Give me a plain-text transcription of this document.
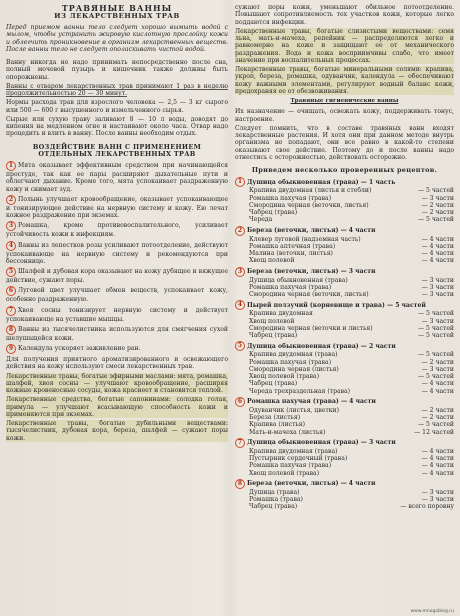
ТРАВЯНЫЕ ВАННЫ
ИЗ ЛЕКАРСТВЕННЫХ ТРАВ

Перед приемом ванны тело следует хорошо вымыть водой с мылом, чтобы устранить жировую кислотную прослойку кожи и облегчить проникновение в организм лекарственных веществ. После ванны тело не следует ополаскивать чистой водой.

Ванну никогда не надо принимать непосредственно после сна, полный мочевой пузырь и кишечник также должны быть опорожнены.

Ванны с отваром лекарственных трав принимают 1 раз в неделю продолжительностью 20 — 30 минут.

Нормы расхода трав для взрослого человека — 2,5 — 3 кг сырого или 500 — 600 г высушенного и измельченного сырья.

Сырые или сухую траву заливают 8 — 10 л воды, доводят до кипения на медленном огне и настаивают около часа. Отвар надо процедить и влить в ванну. После ванны необходим отдых.

ВОЗДЕЙСТВИЕ ВАНН С ПРИМЕНЕНИЕМ ОТДЕЛЬНЫХ ЛЕКАРСТВЕННЫХ ТРАВ

1 Мята оказывает эффективным средством при начинающейся простуде, так как ее пары расширяют дыхательные пути и облегчают дыхание. Кроме того, мята успокаивает раздраженную кожу и снимает зуд.

2 Полынь улучшает кровообращение, оказывает успокаивающее и тонизирующее действие на нервную систему и кожу. Ею лечат кожное раздражение при экземах.

3 Ромашка, кроме противовоспалительного, усиливает устойчивость кожи к инфекциям.

4 Ванны из лепестков розы усиливают потоотделение, действуют успокаивающе на нервную систему и рекомендуются при бессоннице.

5 Шалфей и дубовая кора оказывают на кожу дубящее и вяжущее действие, сужают поры.

6 Луговой цвет улучшает обмен веществ, успокаивает кожу, особенно раздраженную.

7 Хвоя сосны тонизирует нервную систему и действует успокаивающе на уставшие мышцы.

8 Ванны из тысячелистника используются для смягчения сухой шелушащейся кожи.

9 Календула ускоряет заживление ран.

Для получения приятного ароматизированного и освежающего действия на кожу используют смеси лекарственных трав.

Лекарственные травы, богатые эфирными маслами: мята, ромашка, шалфей, хвоя сосны — улучшают кровообращение, расширяя кожные кровеносные сосуды, кожа краснеет и становится теплой.

Лекарственные средства, богатые сапонинами: солодка голая, примула — улучшают всасывающую способность кожи и применяются при экземах.

Лекарственные травы, богатые дубильными веществами: тысячелистник, дубовая кора, береза, шалфей — сужают поры кожи.

сужают поры кожи, уменьшают обильное потоотделение. Повышают сопротивляемость тех участков кожи, которые легко поддаются инфекции.

Лекарственные травы, богатые слизистыми веществами: семя льна, мать-и-мачеха, репейник — распределяются легко и равномерно на коже и защищают ее от механического раздражения. Вода и кожа восприимчивы слабо, что имеет значение при воспалительных процессах.

Лекарственные травы, богатые минеральными солями: крапива, укроп, береза, ромашка, одуванчик, календула — обеспечивают кожу важными элементами, регулируют водный баланс кожи, предохраняя ее от обезвоживания.

Травяные гигиенические ванны

Их назначение — очищать, освежать кожу, поддерживать тонус, настроение.

Следует помнить, что в составе травяных ванн входят лекарственные растения. И хотя они при данном методе внутрь организма не попадают, они все равно в какой-то степени оказывают свое действие. Поэтому до и после ванны надо отнестись с осторожностью, действовать осторожно.

Приведем несколько проверенных рецептов.
1 Душица обыкновенная (трава) — 1 часть
Крапива двудомная (листья и стебли)	— 5 частей
Ромашка пахучая (трава)	— 3 части
Смородина черная (веточки, листья)	— 2 части
Чабрец (трава)	— 2 части
Череда	— 5 частей
2 Береза (веточки, листья) — 4 части
Клевер луговой (надземная часть)	— 4 части
Ромашка аптечная (трава)	— 4 части
Малина (веточки, листья)	— 4 части
Хвощ полевой	— 4 части
3 Береза (веточки, листья) — 3 части
Душица обыкновенная (трава)	— 3 части
Ромашка пахучая (трава)	— 3 части
Смородина черная (веточки, листья)	— 3 части
4 Пырей ползучий (корневище и трава) — 5 частей
Крапива двудомная	— 5 частей
Хвощ полевой	— 3 части
Смородина черная (веточки и листья)	— 5 частей
Чабрец (трава)	— 5 частей
5 Душица обыкновенная (трава) — 2 части
Крапива двудомная (трава)	— 5 частей
Ромашка пахучая (трава)	— 2 части
Смородина черная (листья)	— 3 части
Хвощ полевой (трава)	— 5 частей
Чабрец (трава)	— 4 части
Череда трехраздельная (трава)	— 4 части
6 Ромашка пахучая (трава) — 4 части
Одуванчик (листья, цветки)	— 2 части
Береза (листья)	— 2 части
Крапива (листья)	— 5 частей
Мать-и-мачеха (листья)	— 12 частей
7 Душица обыкновенная (трава) — 3 части
Крапива двудомная (трава)	— 4 части
Пустырник сердечный (трава)	— 4 части
Ромашка пахучая (трава)	— 4 части
Хвощ полевой (трава)	— 4 части
8 Береза (веточки, листья) — 4 части
Душица (трава)	— 3 части
Ромашка (трава)	— 3 части
Чабрец (трава)	— всего поровну
www.mnogoblog.ru
